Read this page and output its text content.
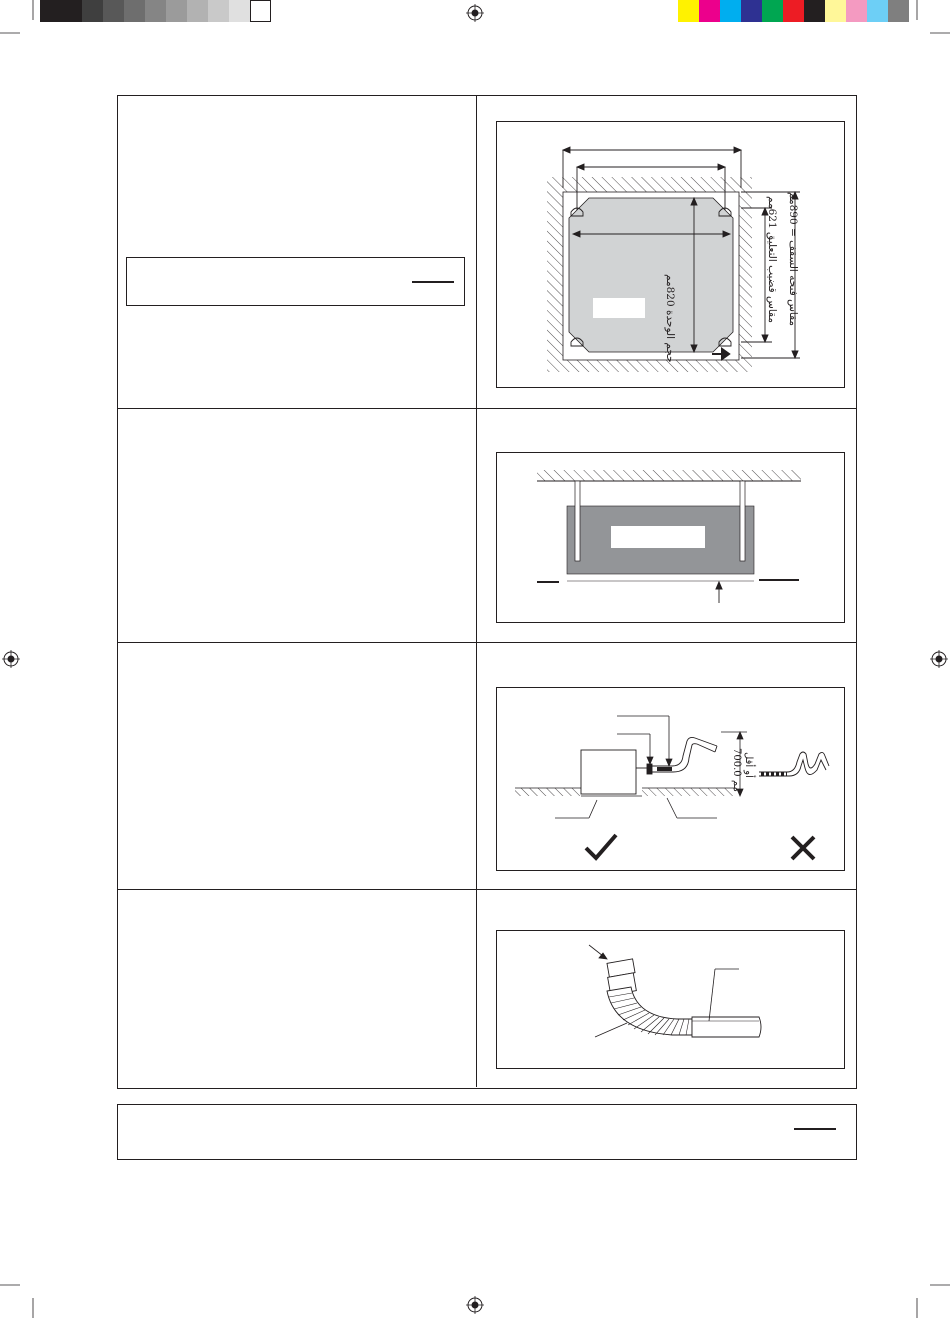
حجم الوحدة 820مم
مقاس قضيب التعليق 621مم
مقاس فتحة السقف = 890مم
700.0 مم
أو أقل
